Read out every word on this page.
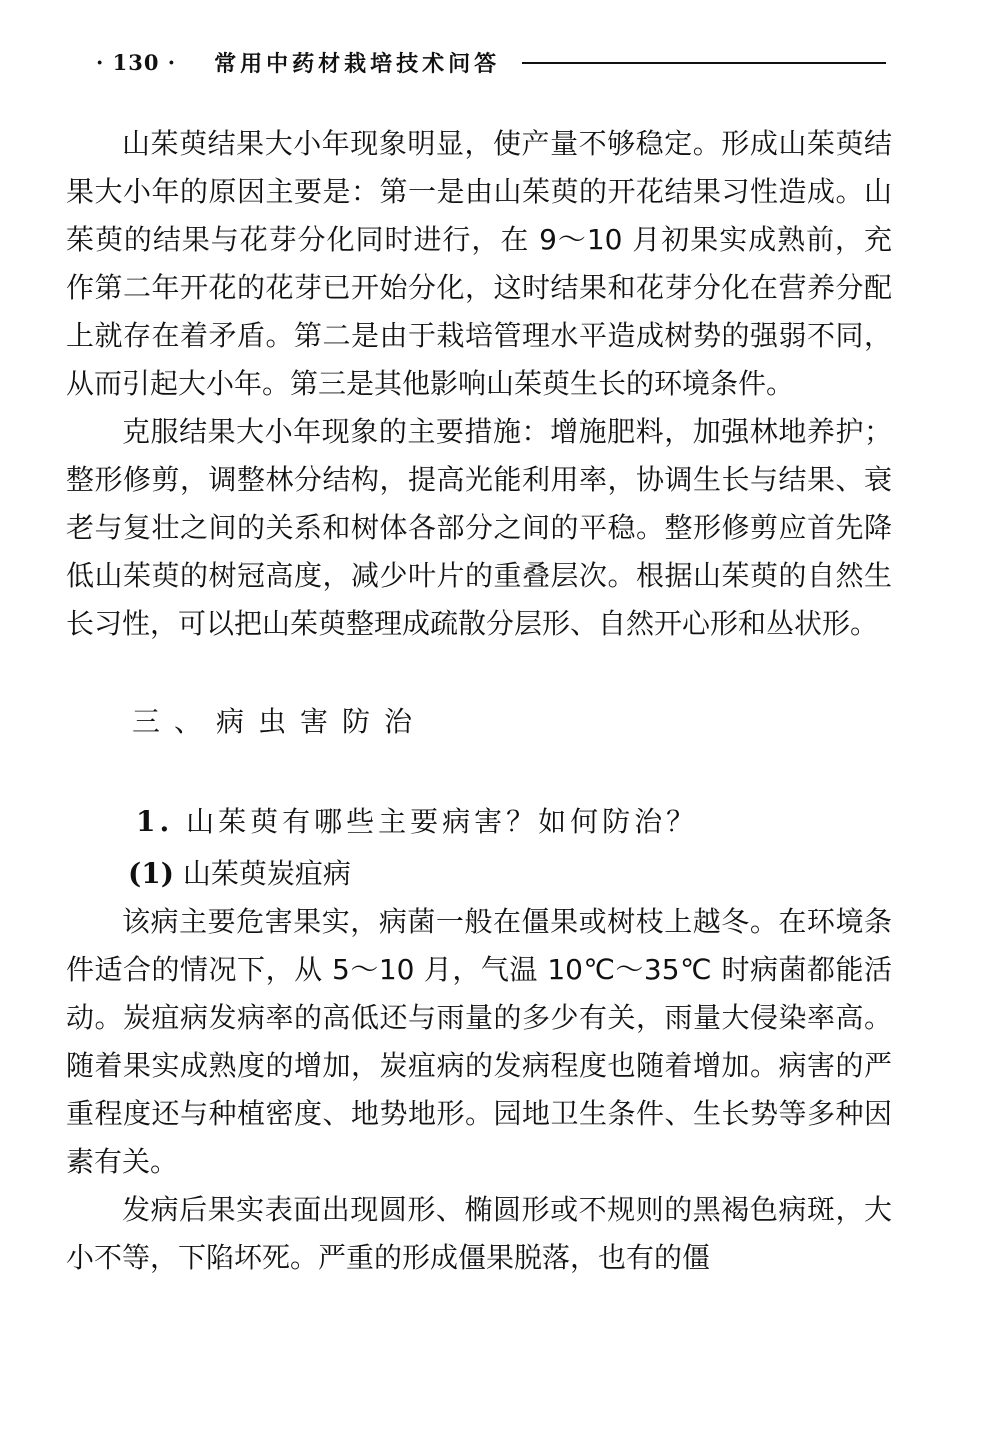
· 130 · 常用中药材栽培技术问答

山茱萸结果大小年现象明显，使产量不够稳定。形成山茱萸结果大小年的原因主要是：第一是由山茱萸的开花结果习性造成。山茱萸的结果与花芽分化同时进行，在 9～10 月初果实成熟前，充作第二年开花的花芽已开始分化，这时结果和花芽分化在营养分配上就存在着矛盾。第二是由于栽培管理水平造成树势的强弱不同，从而引起大小年。第三是其他影响山茱萸生长的环境条件。

克服结果大小年现象的主要措施：增施肥料，加强林地养护；整形修剪，调整林分结构，提高光能利用率，协调生长与结果、衰老与复壮之间的关系和树体各部分之间的平稳。整形修剪应首先降低山茱萸的树冠高度，减少叶片的重叠层次。根据山茱萸的自然生长习性，可以把山茱萸整理成疏散分层形、自然开心形和丛状形。

三、病虫害防治
1. 山茱萸有哪些主要病害？如何防治？
(1) 山茱萸炭疽病

该病主要危害果实，病菌一般在僵果或树枝上越冬。在环境条件适合的情况下，从 5～10 月，气温 10℃～35℃ 时病菌都能活动。炭疽病发病率的高低还与雨量的多少有关，雨量大侵染率高。随着果实成熟度的增加，炭疽病的发病程度也随着增加。病害的严重程度还与种植密度、地势地形。园地卫生条件、生长势等多种因素有关。

发病后果实表面出现圆形、椭圆形或不规则的黑褐色病斑，大小不等，下陷坏死。严重的形成僵果脱落，也有的僵
